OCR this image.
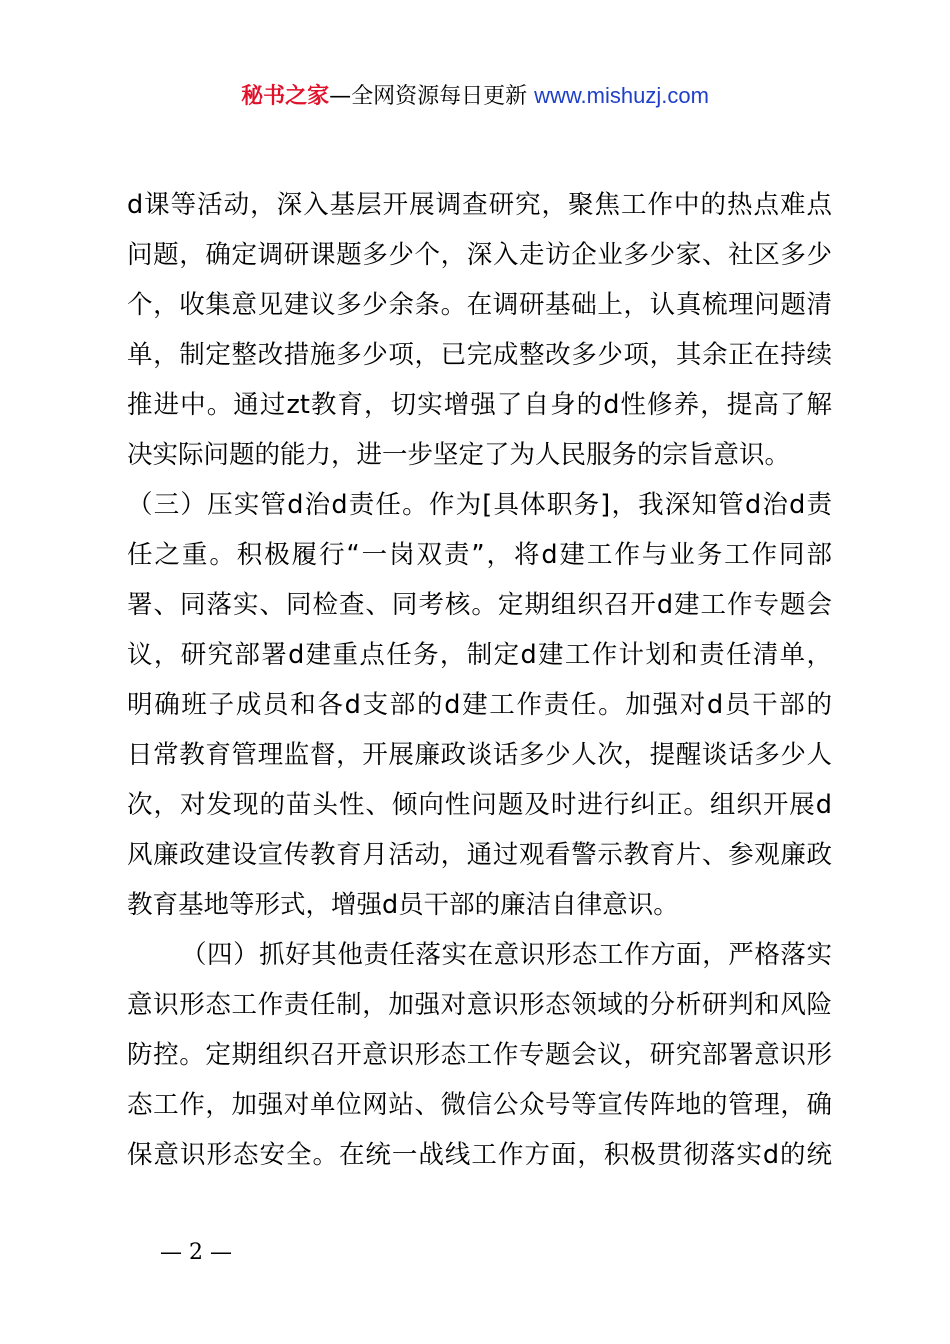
秘书之家—全网资源每日更新 www.mishuzj.com
d课等活动，深入基层开展调查研究，聚焦工作中的热点难点
问题，确定调研课题多少个，深入走访企业多少家、社区多少
个，收集意见建议多少余条。在调研基础上，认真梳理问题清
单，制定整改措施多少项，已完成整改多少项，其余正在持续
推进中。通过zt教育，切实增强了自身的d性修养，提高了解
决实际问题的能力，进一步坚定了为人民服务的宗旨意识。
（三）压实管d治d责任。作为[具体职务]，我深知管d治d责
任之重。积极履行“一岗双责”，将d建工作与业务工作同部
署、同落实、同检查、同考核。定期组织召开d建工作专题会
议，研究部署d建重点任务，制定d建工作计划和责任清单，
明确班子成员和各d支部的d建工作责任。加强对d员干部的
日常教育管理监督，开展廉政谈话多少人次，提醒谈话多少人
次，对发现的苗头性、倾向性问题及时进行纠正。组织开展d
风廉政建设宣传教育月活动，通过观看警示教育片、参观廉政
教育基地等形式，增强d员干部的廉洁自律意识。
（四）抓好其他责任落实在意识形态工作方面，严格落实
意识形态工作责任制，加强对意识形态领域的分析研判和风险
防控。定期组织召开意识形态工作专题会议，研究部署意识形
态工作，加强对单位网站、微信公众号等宣传阵地的管理，确
保意识形态安全。在统一战线工作方面，积极贯彻落实d的统
— 2 —
